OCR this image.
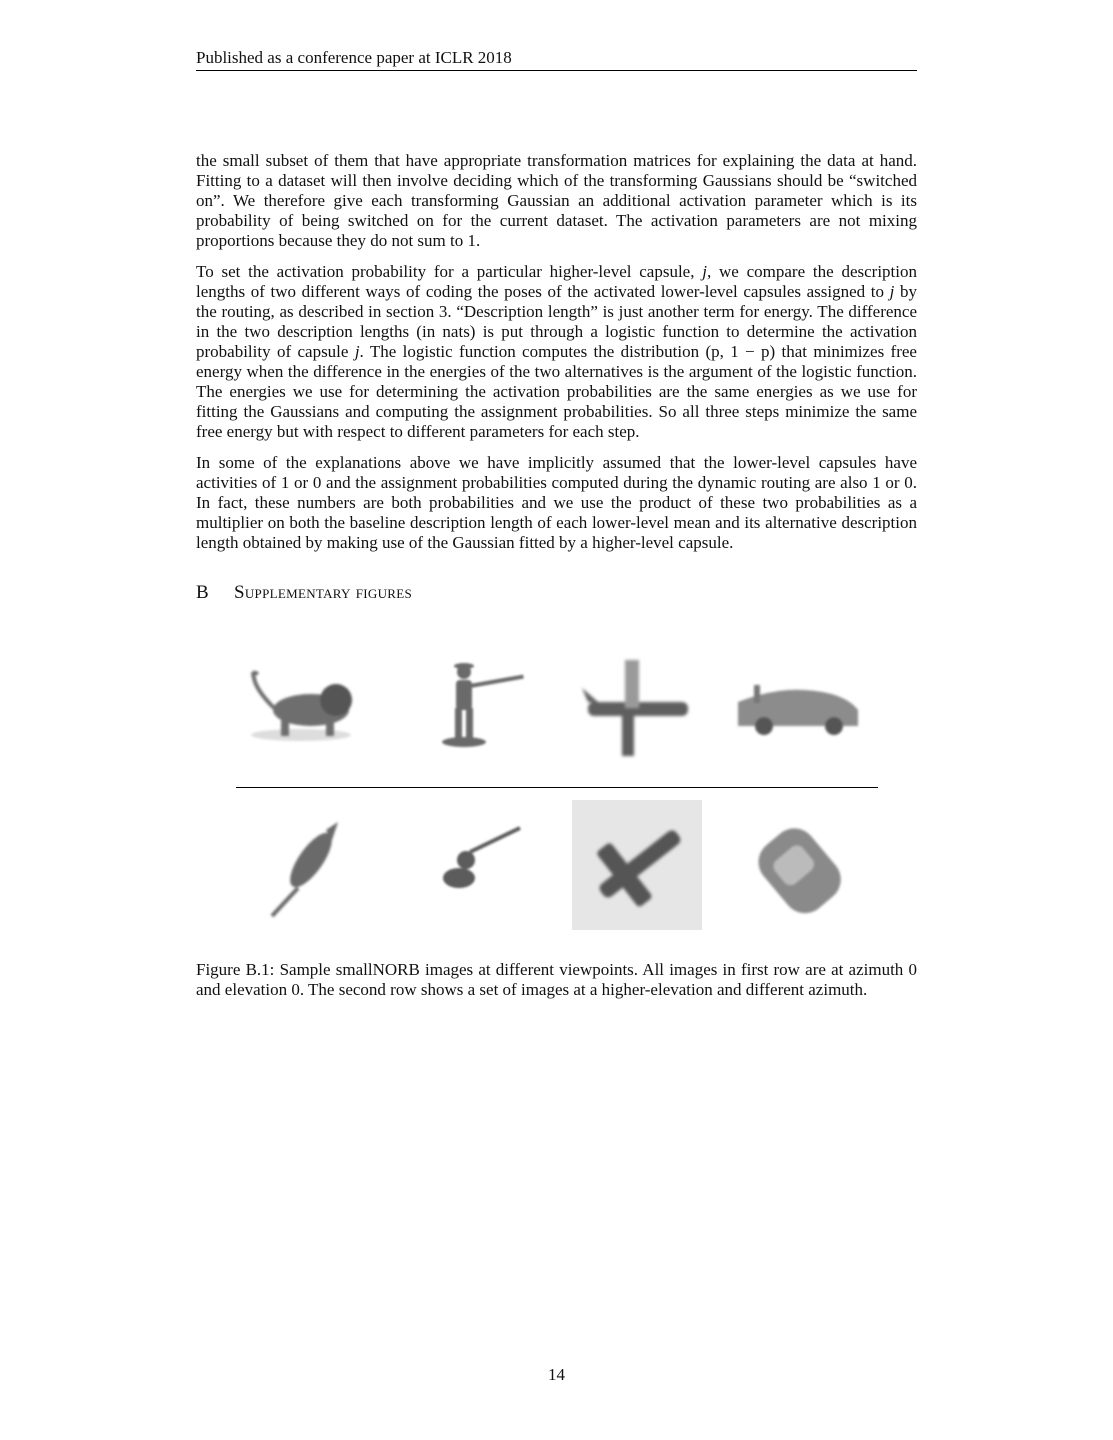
Published as a conference paper at ICLR 2018

the small subset of them that have appropriate transformation matrices for explaining the data at hand. Fitting to a dataset will then involve deciding which of the transforming Gaussians should be “switched on”. We therefore give each transforming Gaussian an additional activation parameter which is its probability of being switched on for the current dataset. The activation parameters are not mixing proportions because they do not sum to 1.

To set the activation probability for a particular higher-level capsule, j, we compare the description lengths of two different ways of coding the poses of the activated lower-level capsules assigned to j by the routing, as described in section 3. “Description length” is just another term for energy. The difference in the two description lengths (in nats) is put through a logistic function to determine the activation probability of capsule j. The logistic function computes the distribution (p, 1 − p) that minimizes free energy when the difference in the energies of the two alternatives is the argument of the logistic function. The energies we use for determining the activation probabilities are the same energies as we use for fitting the Gaussians and computing the assignment probabilities. So all three steps minimize the same free energy but with respect to different parameters for each step.

In some of the explanations above we have implicitly assumed that the lower-level capsules have activities of 1 or 0 and the assignment probabilities computed during the dynamic routing are also 1 or 0. In fact, these numbers are both probabilities and we use the product of these two probabilities as a multiplier on both the baseline description length of each lower-level mean and its alternative description length obtained by making use of the Gaussian fitted by a higher-level capsule.

B Supplementary figures
Figure B.1: Sample smallNORB images at different viewpoints. All images in first row are at azimuth 0 and elevation 0. The second row shows a set of images at a higher-elevation and different azimuth.
14
